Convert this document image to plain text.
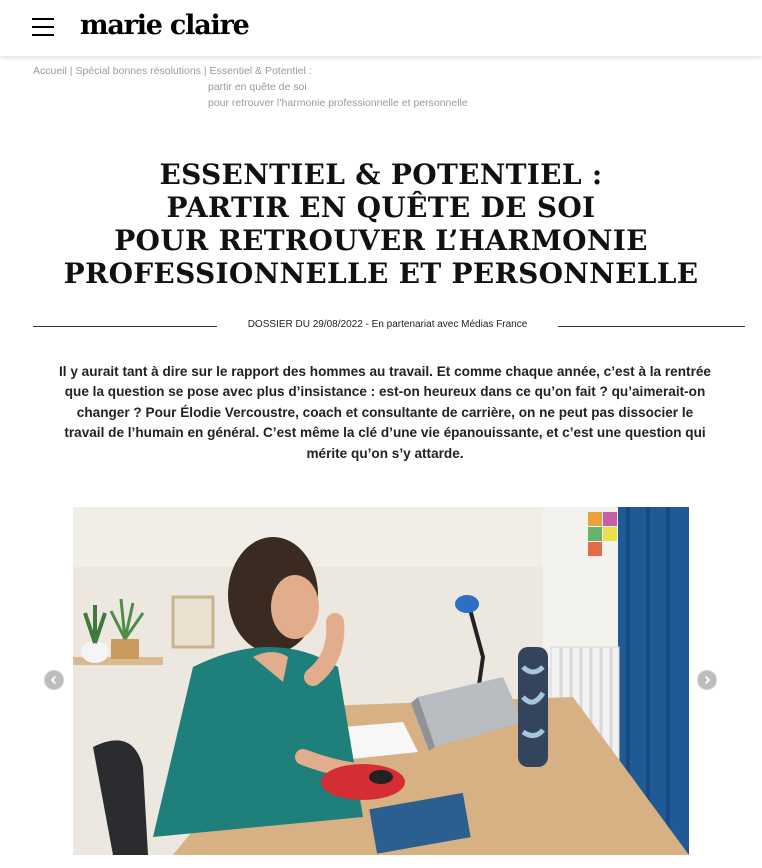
marie claire
Accueil | Spécial bonnes résolutions | Essentiel & Potentiel :
partir en quête de soi
pour retrouver l’harmonie professionnelle et personnelle
ESSENTIEL & POTENTIEL :
PARTIR EN QUÊTE DE SOI
POUR RETROUVER L’HARMONIE
PROFESSIONNELLE ET PERSONNELLE
DOSSIER DU 29/08/2022 - En partenariat avec Médias France
Il y aurait tant à dire sur le rapport des hommes au travail. Et comme chaque année, c’est à la rentrée
que la question se pose avec plus d’insistance : est-on heureux dans ce qu’on fait ? qu’aimerait-on
changer ? Pour Élodie Vercoustre, coach et consultante de carrière, on ne peut pas dissocier le
travail de l’humain en général. C’est même la clé d’une vie épanouissante, et c’est une question qui
mérite qu’on s’y attarde.
